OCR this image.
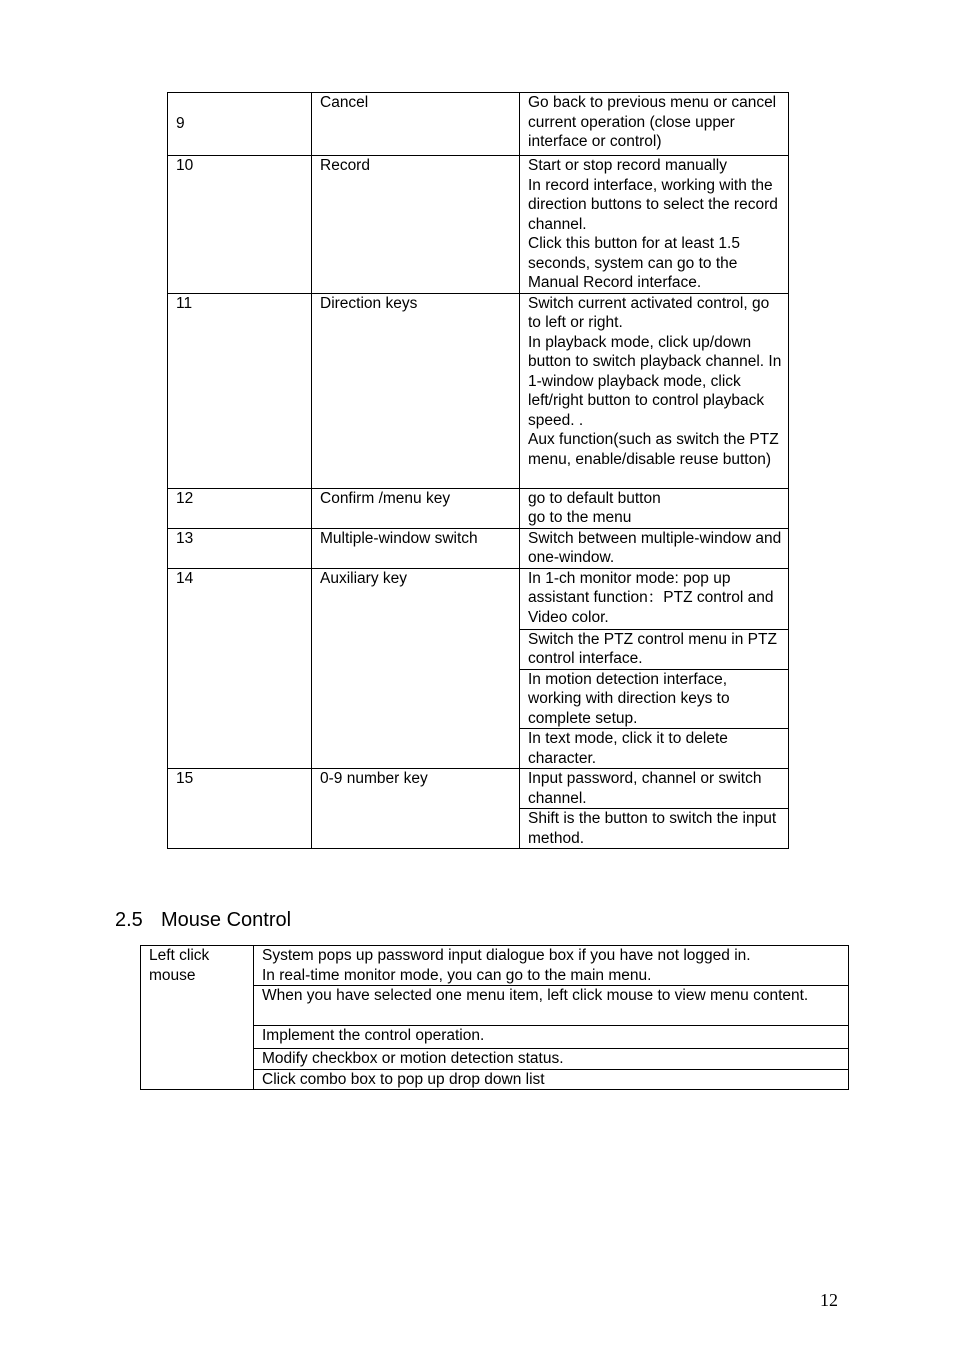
9	Cancel	Go back to previous menu or cancel current operation (close upper interface or control)
10	Record	Start or stop record manually
In record interface, working with the direction buttons to select the record channel.
Click this button for at least 1.5 seconds, system can go to the Manual Record interface.
11	Direction keys	Switch current activated control, go to left or right.
In playback mode, click up/down button to switch playback channel. In 1-window playback mode, click left/right button to control playback speed. .
Aux function(such as switch the PTZ menu, enable/disable reuse button)
12	Confirm /menu key	go to default button
go to the menu
13	Multiple-window switch	Switch between multiple-window and one-window.
14	Auxiliary key	In 1-ch monitor mode: pop up assistant function：PTZ control and Video color.
		Switch the PTZ control menu in PTZ control interface.
		In motion detection interface, working with direction keys to complete setup.
		In text mode, click it to delete character.
15	0-9 number key	Input password, channel or switch channel.
		Shift is the button to switch the input method.
2.5 Mouse Control
Left click mouse	System pops up password input dialogue box if you have not logged in.
In real-time monitor mode, you can go to the main menu.
When you have selected one menu item, left click mouse to view menu content.
Implement the control operation.
Modify checkbox or motion detection status.
Click combo box to pop up drop down list
12
